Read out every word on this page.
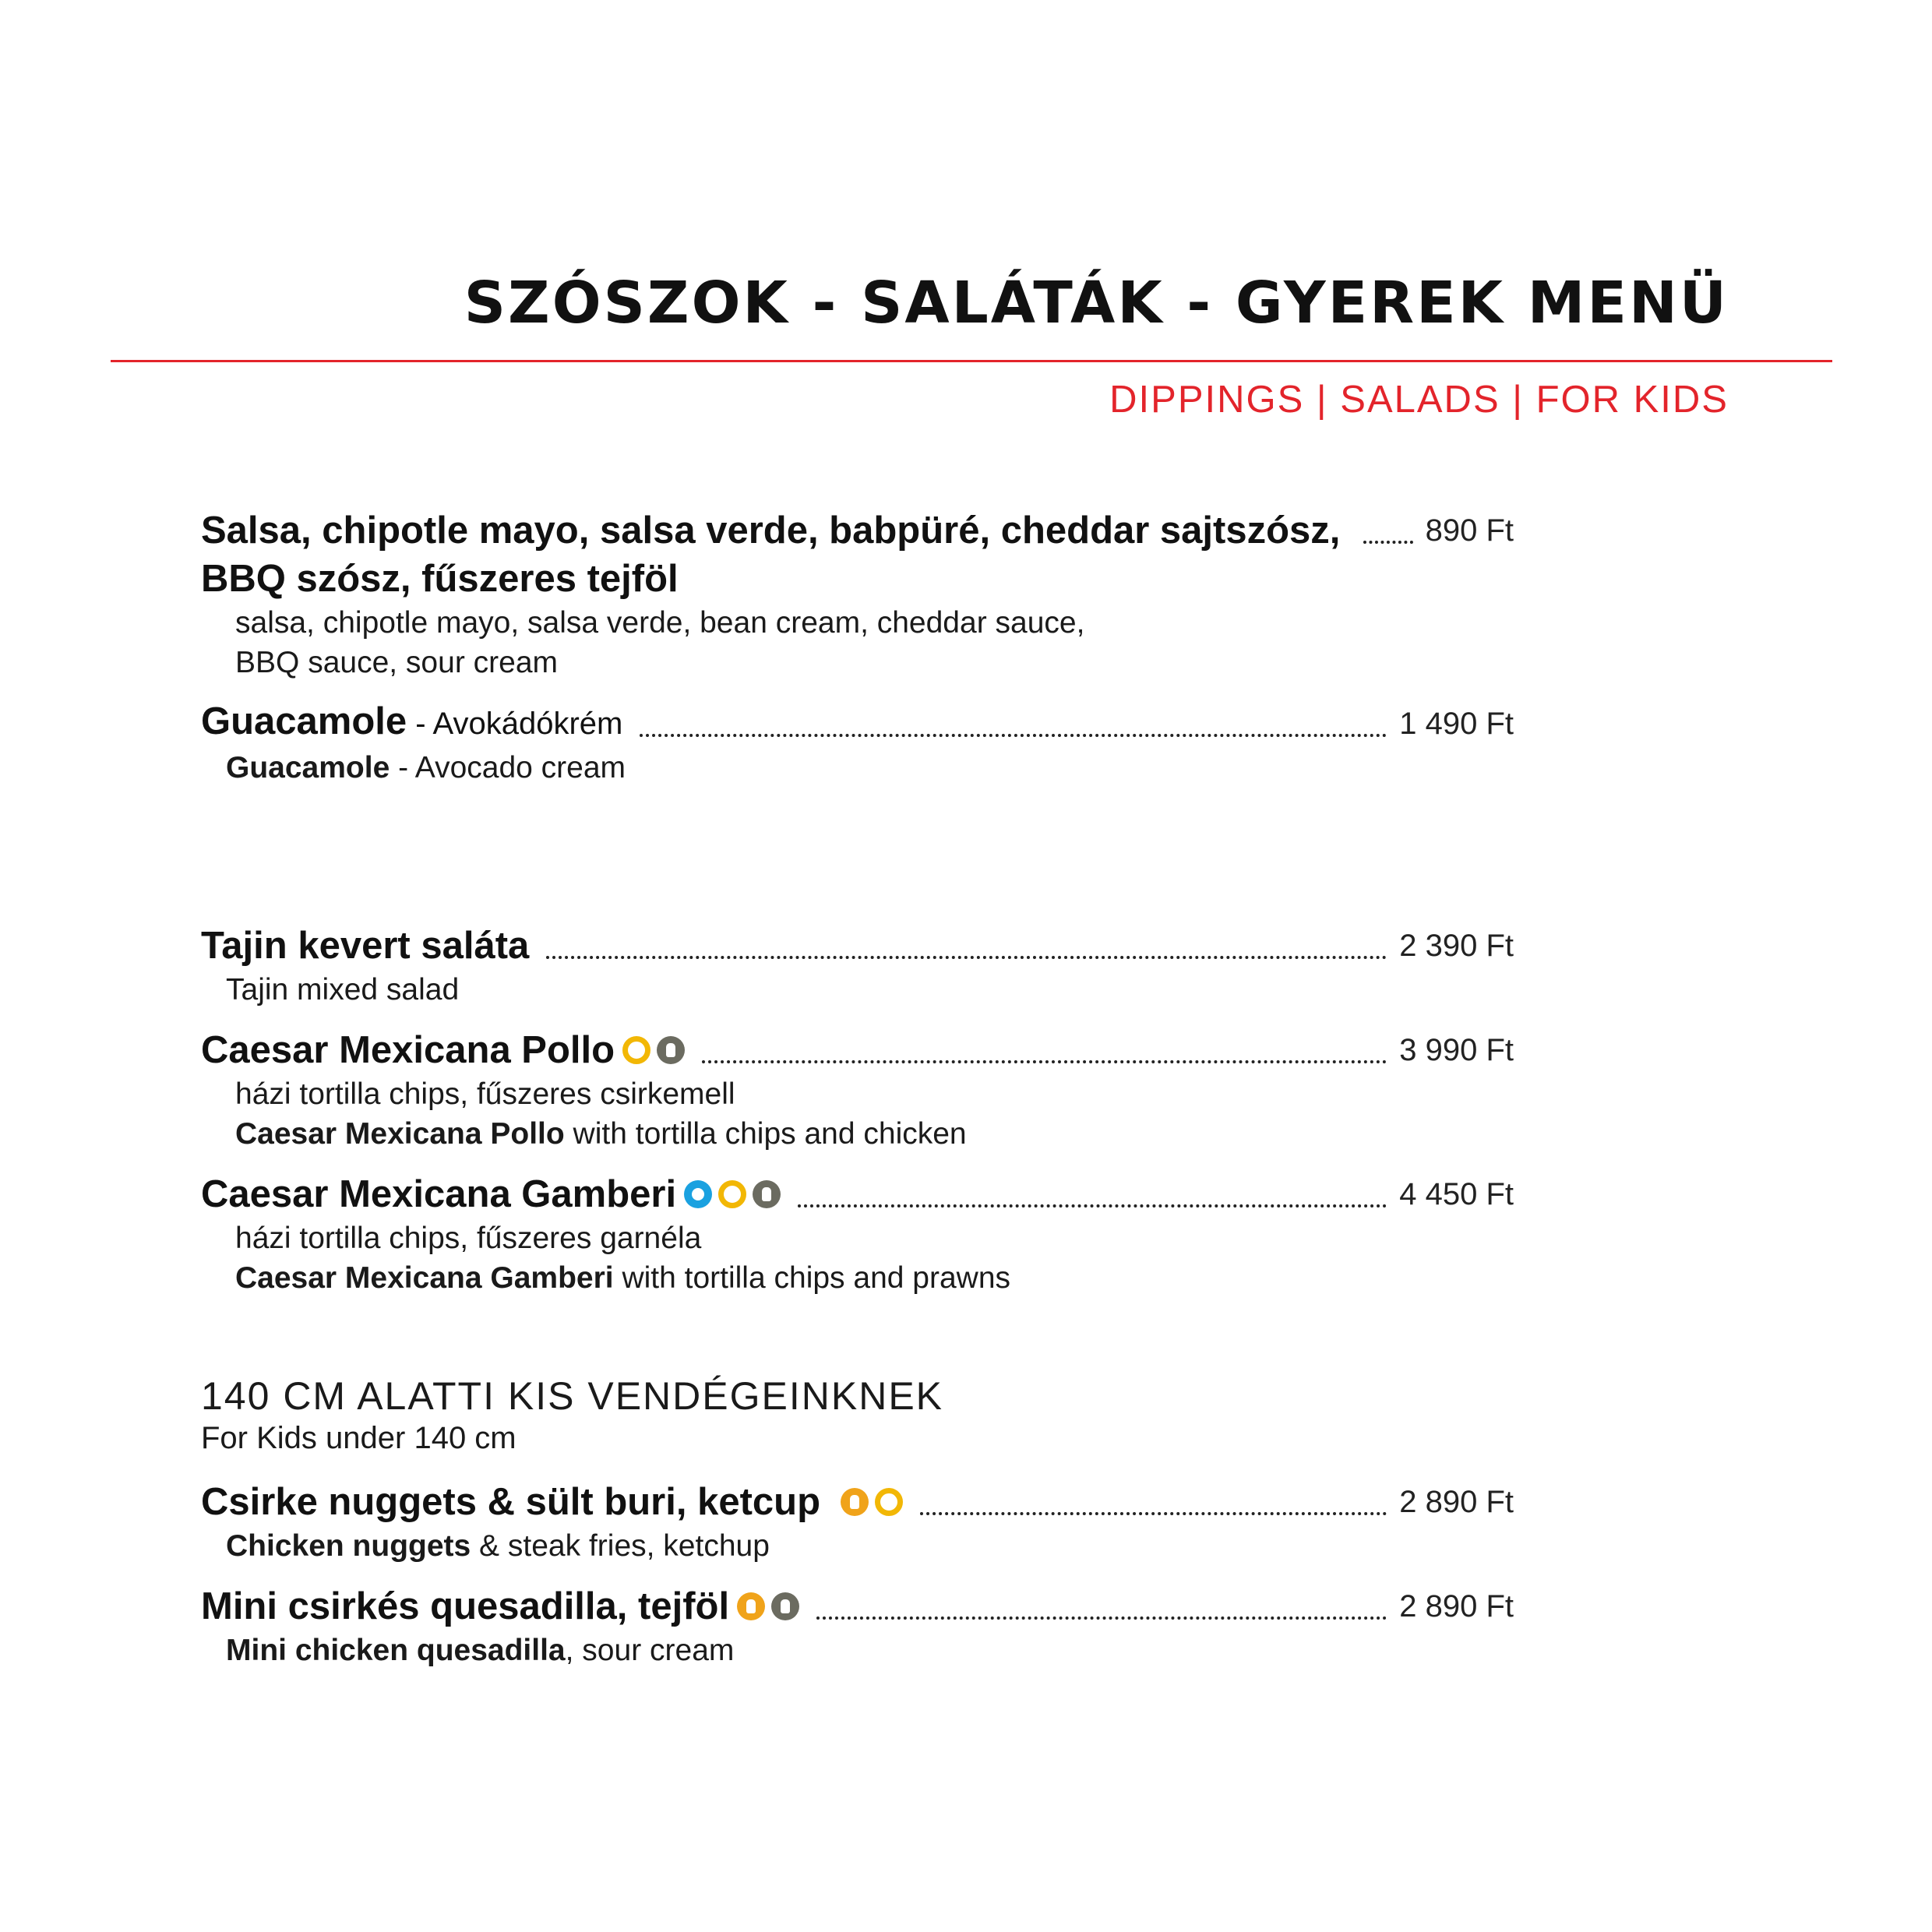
SZÓSZOK - SALÁTÁK - GYEREK MENÜ
DIPPINGS | SALADS | FOR KIDS
Salsa, chipotle mayo, salsa verde, babpüré, cheddar sajtszósz,	890 Ft
BBQ szósz, fűszeres tejföl
salsa, chipotle mayo, salsa verde, bean cream, cheddar sauce,
BBQ sauce, sour cream
Guacamole - Avokádókrém	1 490 Ft
Guacamole - Avocado cream
Tajin kevert saláta	2 390 Ft
Tajin mixed salad
Caesar Mexicana Pollo	3 990 Ft
házi tortilla chips, fűszeres csirkemell
Caesar Mexicana Pollo with tortilla chips and chicken
Caesar Mexicana Gamberi	4 450 Ft
házi tortilla chips, fűszeres garnéla
Caesar Mexicana Gamberi with tortilla chips and prawns
140 CM ALATTI KIS VENDÉGEINKNEK
For Kids under 140 cm
Csirke nuggets & sült buri, ketcup	2 890 Ft
Chicken nuggets & steak fries, ketchup
Mini csirkés quesadilla, tejföl	2 890 Ft
Mini chicken quesadilla, sour cream
